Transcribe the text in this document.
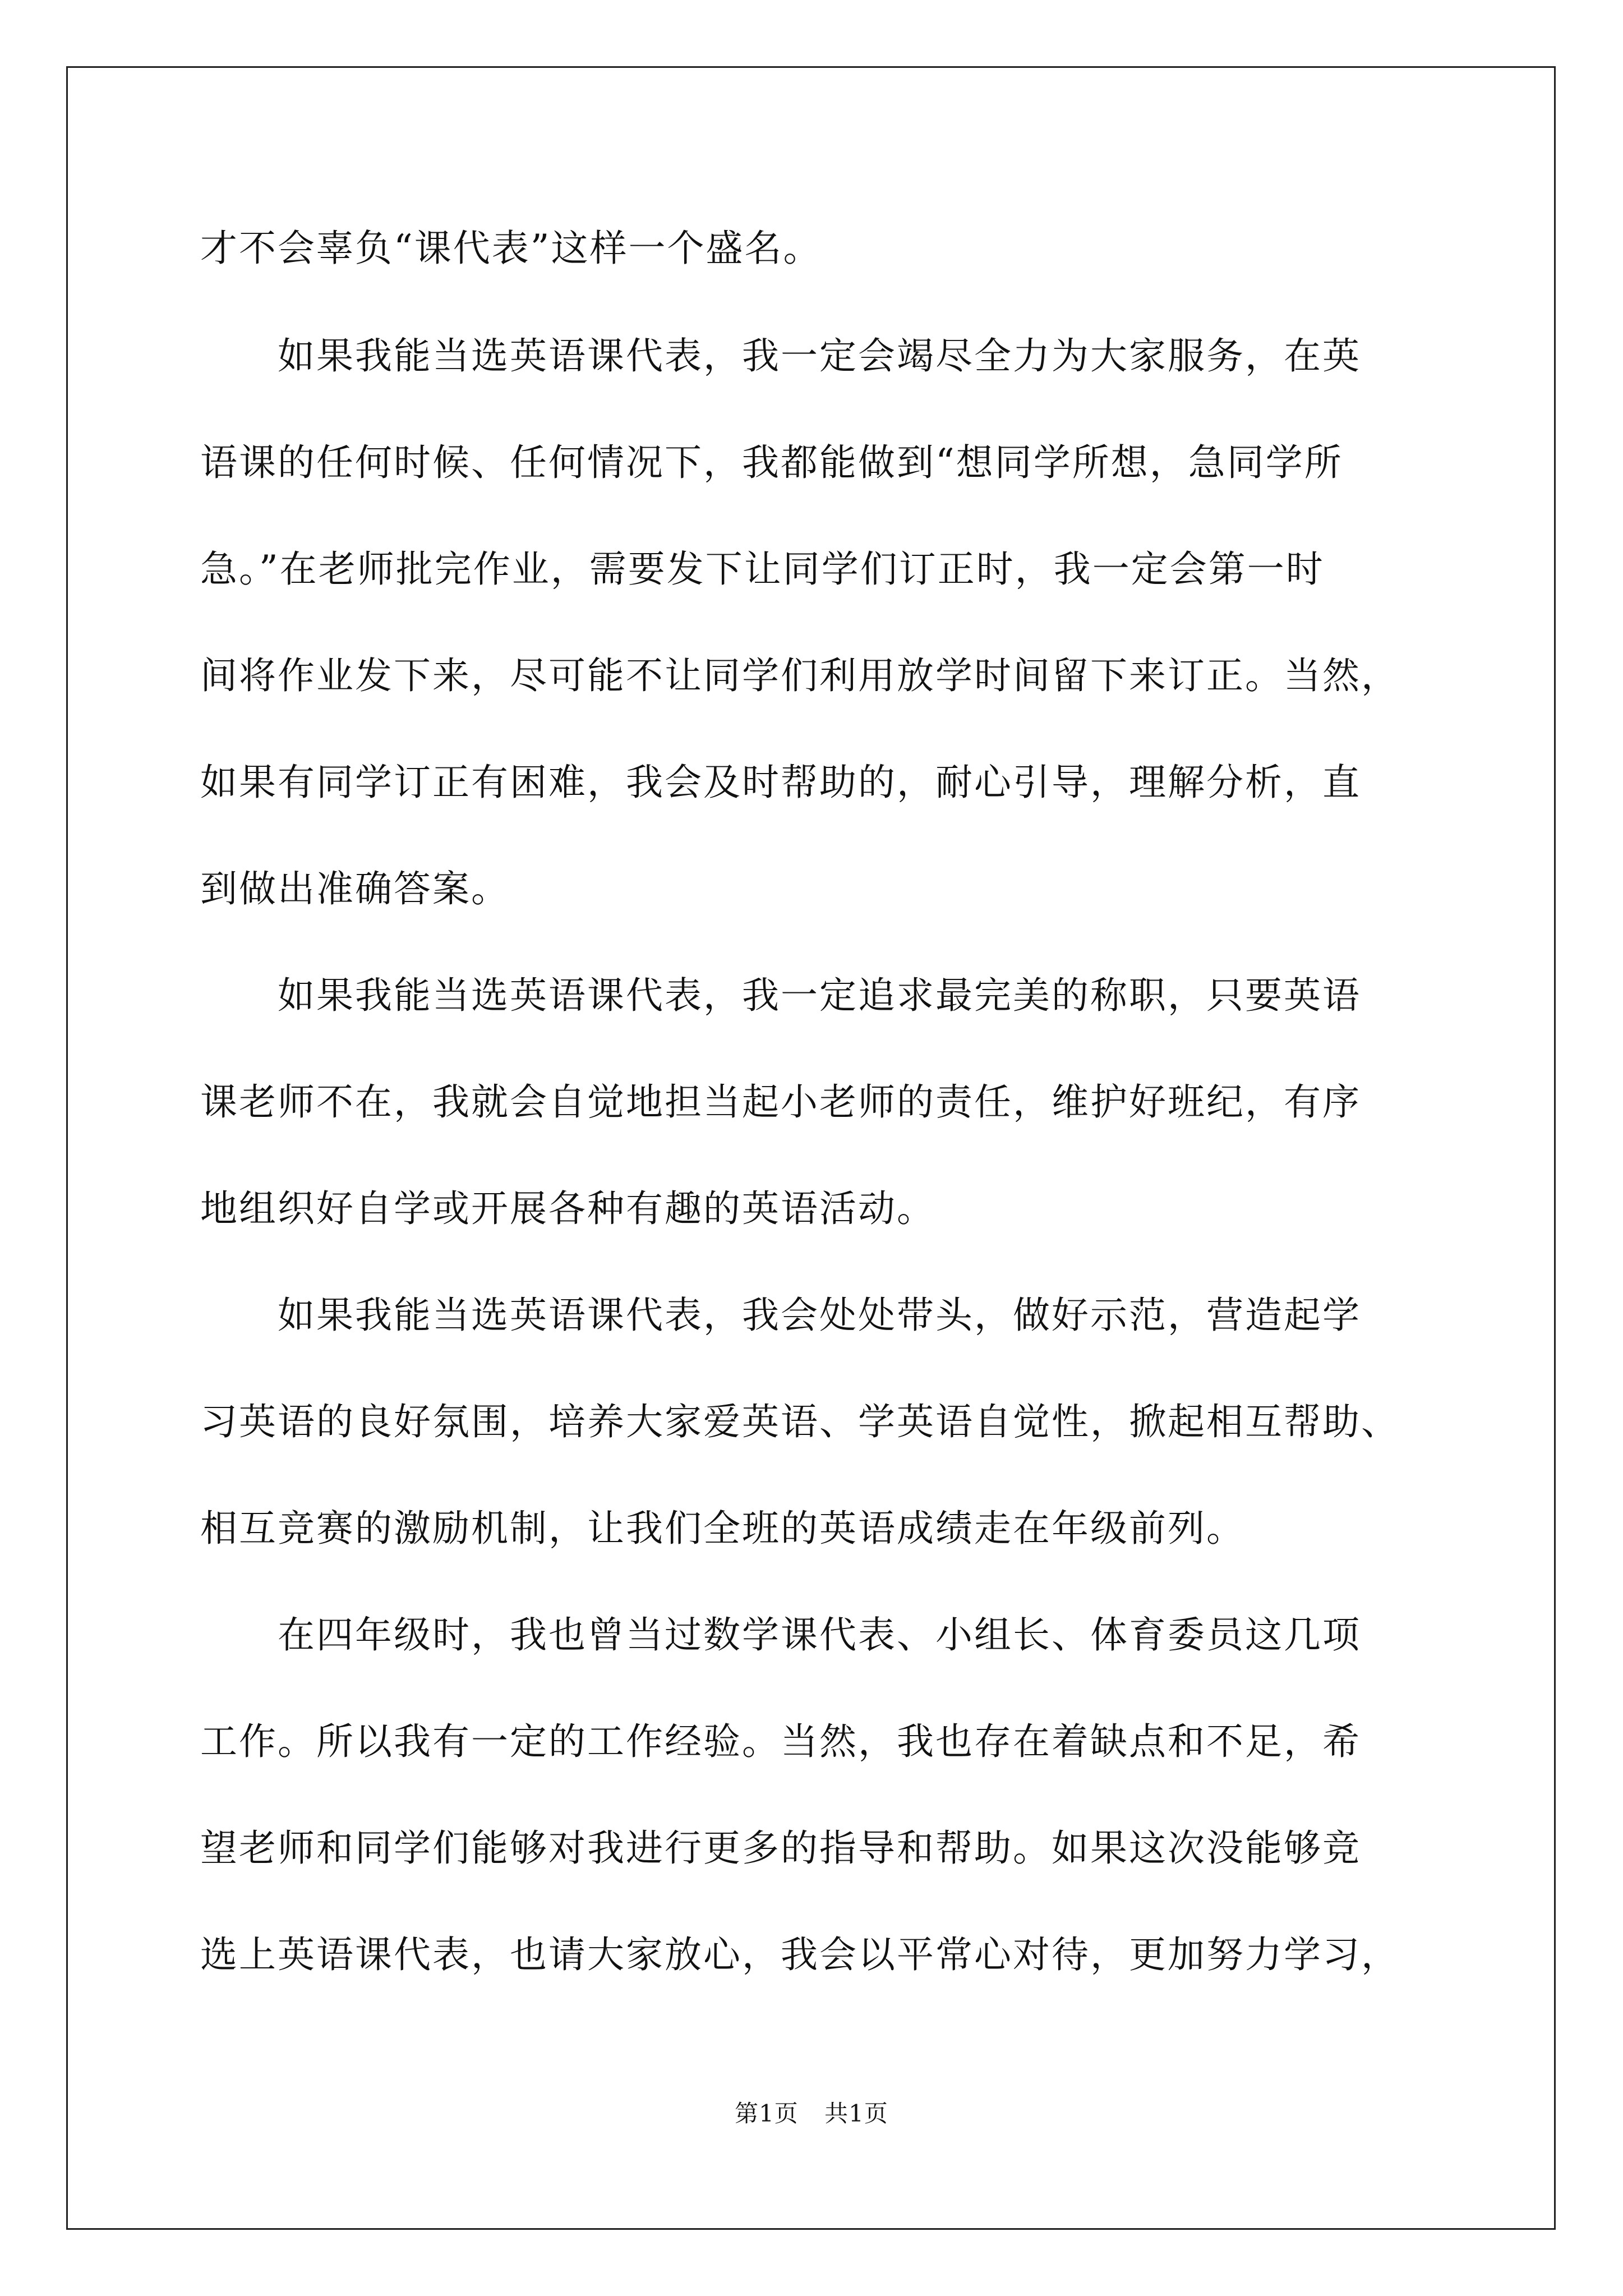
才不会辜负“课代表”这样一个盛名。
　　如果我能当选英语课代表，我一定会竭尽全力为大家服务，在英
语课的任何时候、任何情况下，我都能做到“想同学所想，急同学所
急。”在老师批完作业，需要发下让同学们订正时，我一定会第一时
间将作业发下来，尽可能不让同学们利用放学时间留下来订正。当然，
如果有同学订正有困难，我会及时帮助的，耐心引导，理解分析，直
到做出准确答案。
　　如果我能当选英语课代表，我一定追求最完美的称职，只要英语
课老师不在，我就会自觉地担当起小老师的责任，维护好班纪，有序
地组织好自学或开展各种有趣的英语活动。
　　如果我能当选英语课代表，我会处处带头，做好示范，营造起学
习英语的良好氛围，培养大家爱英语、学英语自觉性，掀起相互帮助、
相互竞赛的激励机制，让我们全班的英语成绩走在年级前列。
　　在四年级时，我也曾当过数学课代表、小组长、体育委员这几项
工作。所以我有一定的工作经验。当然，我也存在着缺点和不足，希
望老师和同学们能够对我进行更多的指导和帮助。如果这次没能够竞
选上英语课代表，也请大家放心，我会以平常心对待，更加努力学习，
第1页 共1页
